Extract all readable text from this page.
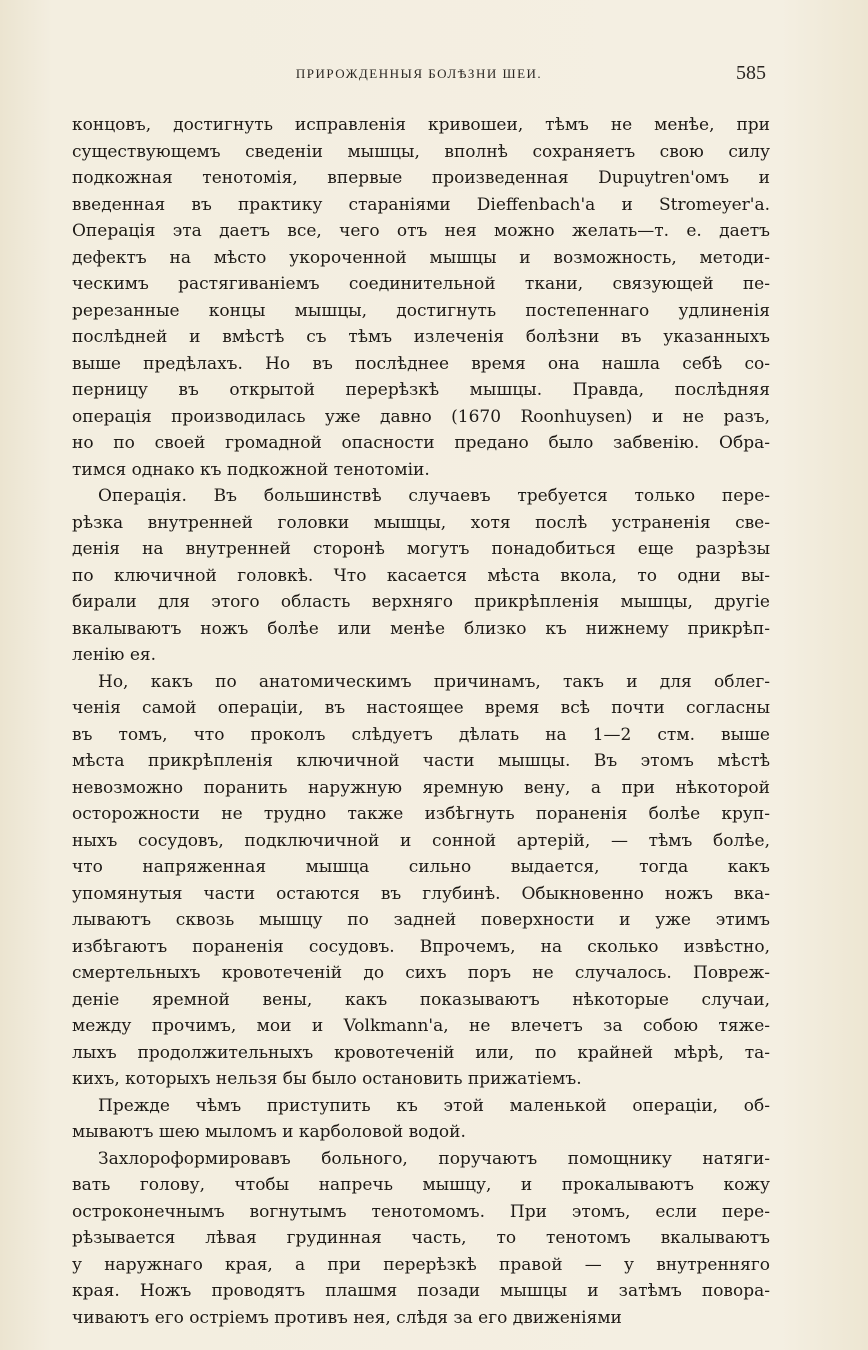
ПРИРОЖДЕННЫЯ БОЛѢЗНИ ШЕИ.	585
концовъ, достигнуть исправленія кривошеи, тѣмъ не менѣе, при
существующемъ сведеніи мышцы, вполнѣ сохраняетъ свою силу
подкожная тенотомія, впервые произведенная Dupuytren'омъ и
введенная въ практику стараніями Dieffenbach'а и Stromeyer'а.
Операція эта даетъ все, чего отъ нея можно желать—т. е. даетъ
дефектъ на мѣсто укороченной мышцы и возможность, методи-
ческимъ растягиваніемъ соединительной ткани, связующей пе-
ререзанные концы мышцы, достигнуть постепеннаго удлиненія
послѣдней и вмѣстѣ съ тѣмъ излеченія болѣзни въ указанныхъ
выше предѣлахъ. Но въ послѣднее время она нашла себѣ со-
перницу въ открытой перерѣзкѣ мышцы. Правда, послѣдняя
операція производилась уже давно (1670 Roonhuysen) и не разъ,
но по своей громадной опасности предано было забвенію. Обра-
тимся однако къ подкожной тенотоміи.
Операція. Въ большинствѣ случаевъ требуется только пере-
рѣзка внутренней головки мышцы, хотя послѣ устраненія све-
денія на внутренней сторонѣ могутъ понадобиться еще разрѣзы
по ключичной головкѣ. Что касается мѣста вкола, то одни вы-
бирали для этого область верхняго прикрѣпленія мышцы, другіе
вкалываютъ ножъ болѣе или менѣе близко къ нижнему прикрѣп-
ленію ея.
Но, какъ по анатомическимъ причинамъ, такъ и для облег-
ченія самой операціи, въ настоящее время всѣ почти согласны
въ томъ, что проколъ слѣдуетъ дѣлать на 1—2 стм. выше
мѣста прикрѣпленія ключичной части мышцы. Въ этомъ мѣстѣ
невозможно поранить наружную яремную вену, а при нѣкоторой
осторожности не трудно также избѣгнуть пораненія болѣе круп-
ныхъ сосудовъ, подключичной и сонной артерій, — тѣмъ болѣе,
что напряженная мышца сильно выдается, тогда какъ
упомянутыя части остаются въ глубинѣ. Обыкновенно ножъ вка-
лываютъ сквозь мышцу по задней поверхности и уже этимъ
избѣгаютъ пораненія сосудовъ. Впрочемъ, на сколько извѣстно,
смертельныхъ кровотеченій до сихъ поръ не случалось. Повреж-
деніе яремной вены, какъ показываютъ нѣкоторые случаи,
между прочимъ, мои и Volkmann'а, не влечетъ за собою тяже-
лыхъ продолжительныхъ кровотеченій или, по крайней мѣрѣ, та-
кихъ, которыхъ нельзя бы было остановить прижатіемъ.
Прежде чѣмъ приступить къ этой маленькой операціи, об-
мываютъ шею мыломъ и карболовой водой.
Захлороформировавъ больного, поручаютъ помощнику натяги-
вать голову, чтобы напречь мышцу, и прокалываютъ кожу
остроконечнымъ вогнутымъ тенотомомъ. При этомъ, если пере-
рѣзывается лѣвая грудинная часть, то тенотомъ вкалываютъ
у наружнаго края, а при перерѣзкѣ правой — у внутренняго
края. Ножъ проводятъ плашмя позади мышцы и затѣмъ повора-
чиваютъ его остріемъ противъ нея, слѣдя за его движеніями
